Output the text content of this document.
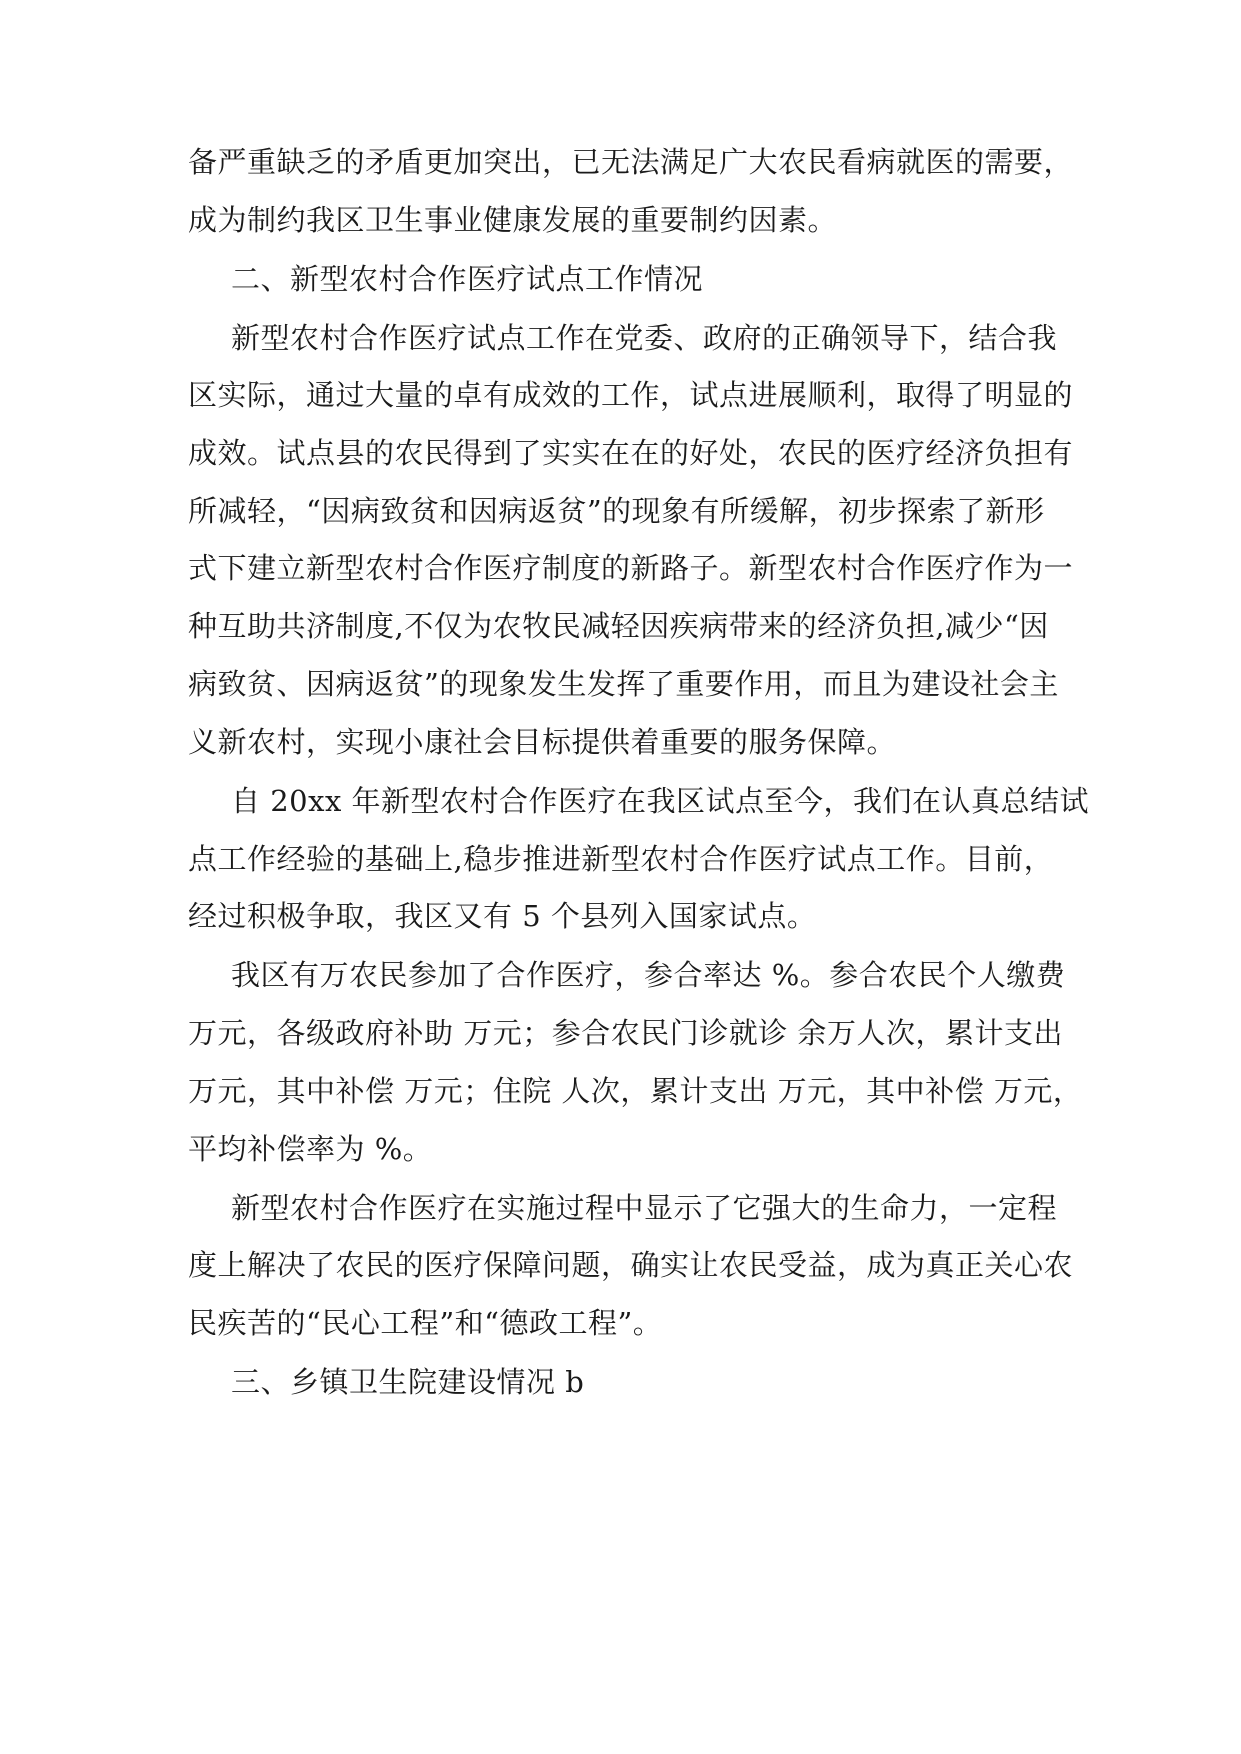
备严重缺乏的矛盾更加突出，已无法满足广大农民看病就医的需要，

成为制约我区卫生事业健康发展的重要制约因素。

二、新型农村合作医疗试点工作情况

新型农村合作医疗试点工作在党委、政府的正确领导下，结合我

区实际，通过大量的卓有成效的工作，试点进展顺利，取得了明显的

成效。试点县的农民得到了实实在在的好处，农民的医疗经济负担有

所减轻，“因病致贫和因病返贫”的现象有所缓解，初步探索了新形

式下建立新型农村合作医疗制度的新路子。新型农村合作医疗作为一

种互助共济制度,不仅为农牧民减轻因疾病带来的经济负担,减少“因

病致贫、因病返贫”的现象发生发挥了重要作用，而且为建设社会主

义新农村，实现小康社会目标提供着重要的服务保障。

自 20xx 年新型农村合作医疗在我区试点至今，我们在认真总结试

点工作经验的基础上,稳步推进新型农村合作医疗试点工作。目前，

经过积极争取，我区又有 5 个县列入国家试点。

我区有万农民参加了合作医疗，参合率达 %。参合农民个人缴费

万元，各级政府补助 万元；参合农民门诊就诊 余万人次，累计支出

万元，其中补偿 万元；住院 人次，累计支出 万元，其中补偿 万元，

平均补偿率为 %。

新型农村合作医疗在实施过程中显示了它强大的生命力，一定程

度上解决了农民的医疗保障问题，确实让农民受益，成为真正关心农

民疾苦的“民心工程”和“德政工程”。

三、乡镇卫生院建设情况 b
